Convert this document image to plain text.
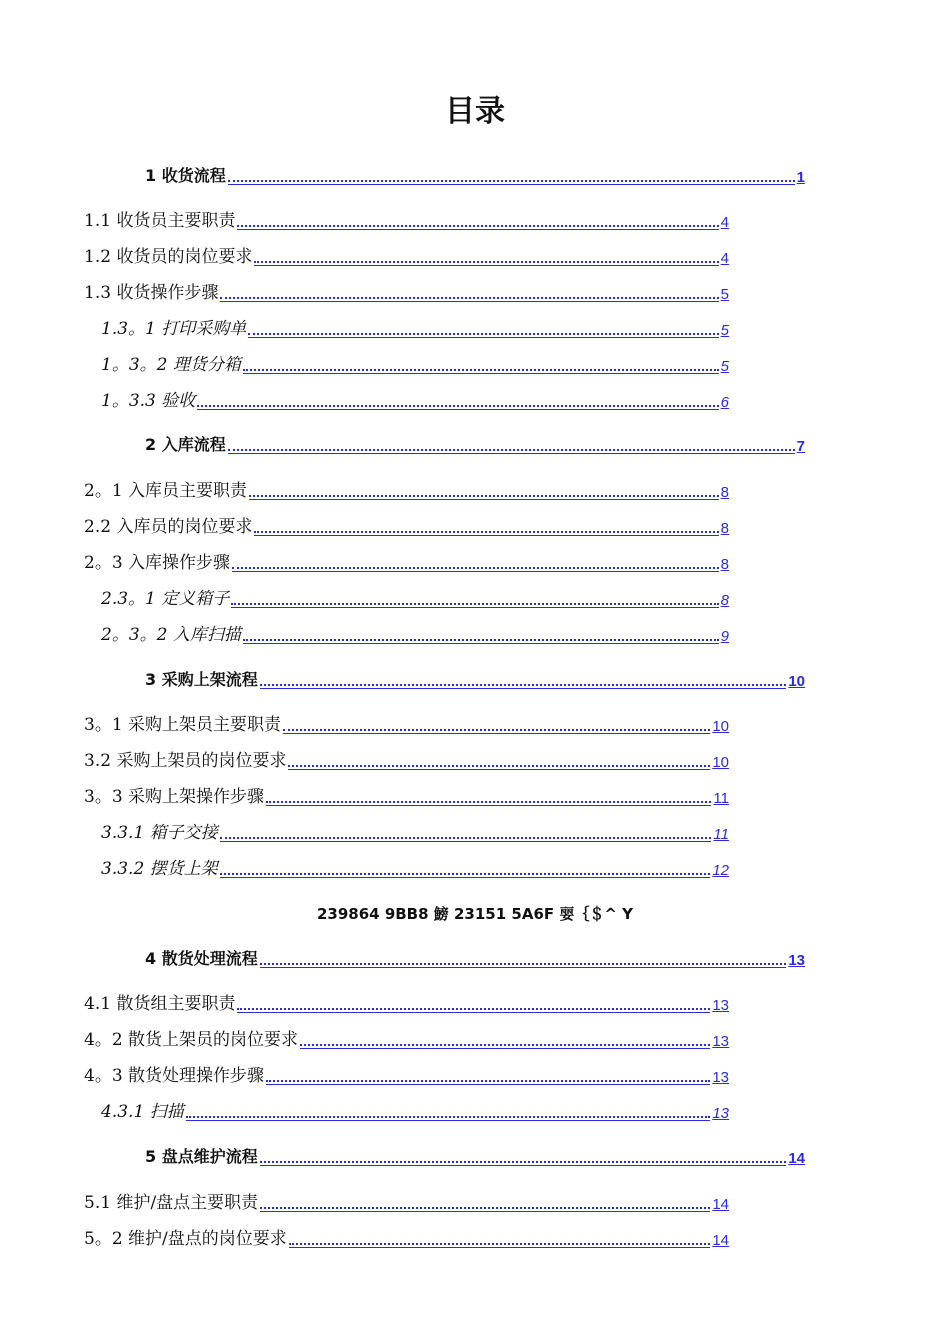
目录
1 收货流程	1
1.1 收货员主要职责	4
1.2 收货员的岗位要求	4
1.3 收货操作步骤	5
1.3。1 打印采购单	5
1。3。2 理货分箱	5
1。3.3 验收	6
2 入库流程	7
2。1 入库员主要职责	8
2.2 入库员的岗位要求	8
2。3 入库操作步骤	8
2.3。1 定义箱子	8
2。3。2 入库扫描	9
3 采购上架流程	10
3。1 采购上架员主要职责	10
3.2 采购上架员的岗位要求	10
3。3 采购上架操作步骤	11
3.3.1 箱子交接	11
3.3.2 摆货上架	12
4 散货处理流程	13
4.1 散货组主要职责	13
4。2 散货上架员的岗位要求	13
4。3 散货处理操作步骤	13
4.3.1 扫描	13
5 盘点维护流程	14
5.1 维护/盘点主要职责	14
5。2 维护/盘点的岗位要求	14
239864 9BB8 鰟 23151 5A6F 婯｛＄^ Y
